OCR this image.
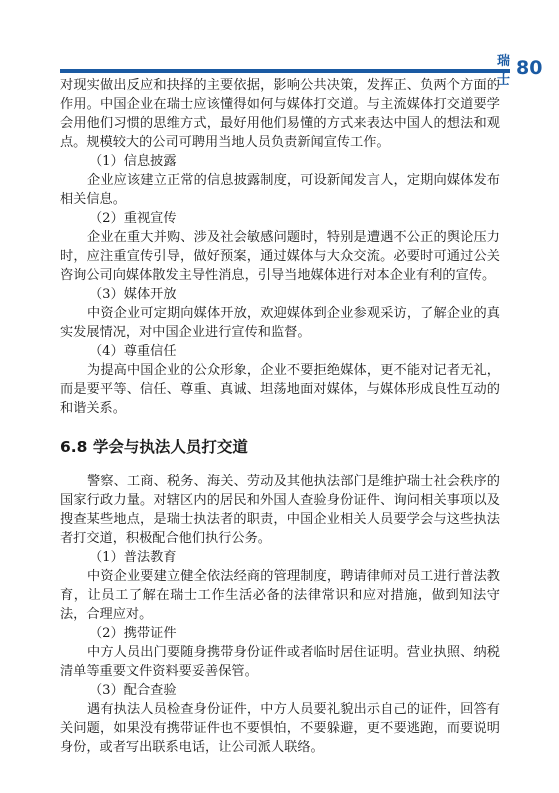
瑞 士
80

对现实做出反应和抉择的主要依据，影响公共决策，发挥正、负两个方面的作用。中国企业在瑞士应该懂得如何与媒体打交道。与主流媒体打交道要学会用他们习惯的思维方式，最好用他们易懂的方式来表达中国人的想法和观点。规模较大的公司可聘用当地人员负责新闻宣传工作。

（1）信息披露

企业应该建立正常的信息披露制度，可设新闻发言人，定期向媒体发布相关信息。

（2）重视宣传

企业在重大并购、涉及社会敏感问题时，特别是遭遇不公正的舆论压力时，应注重宣传引导，做好预案，通过媒体与大众交流。必要时可通过公关咨询公司向媒体散发主导性消息，引导当地媒体进行对本企业有利的宣传。

（3）媒体开放

中资企业可定期向媒体开放，欢迎媒体到企业参观采访，了解企业的真实发展情况，对中国企业进行宣传和监督。

（4）尊重信任

为提高中国企业的公众形象，企业不要拒绝媒体，更不能对记者无礼，而是要平等、信任、尊重、真诚、坦荡地面对媒体，与媒体形成良性互动的和谐关系。

6.8 学会与执法人员打交道

警察、工商、税务、海关、劳动及其他执法部门是维护瑞士社会秩序的国家行政力量。对辖区内的居民和外国人查验身份证件、询问相关事项以及搜查某些地点，是瑞士执法者的职责，中国企业相关人员要学会与这些执法者打交道，积极配合他们执行公务。

（1）普法教育

中资企业要建立健全依法经商的管理制度，聘请律师对员工进行普法教育，让员工了解在瑞士工作生活必备的法律常识和应对措施，做到知法守法，合理应对。

（2）携带证件

中方人员出门要随身携带身份证件或者临时居住证明。营业执照、纳税清单等重要文件资料要妥善保管。

（3）配合查验

遇有执法人员检查身份证件，中方人员要礼貌出示自己的证件，回答有关问题，如果没有携带证件也不要惧怕，不要躲避，更不要逃跑，而要说明身份，或者写出联系电话，让公司派人联络。
